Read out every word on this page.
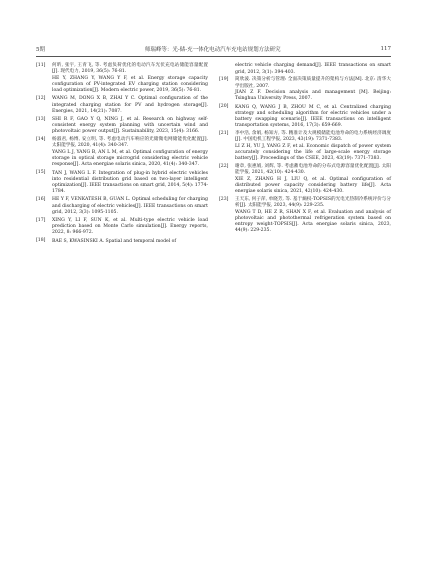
5期	师瑞峰等：光-储-充一体化电动汽车充电站规划方法研究	117
[11]	何昕, 张宇, 王青飞, 等. 考虑负荷优化的电动汽车光伏充电站储能容量配置[J]. 现代电力, 2019, 36(5): 76-81.
HE Y, ZHANG Y, WANG Y F, et al. Energy storage capacity configuration of PV-integrated EV charging station considering load optimization[J]. Modern electric power, 2019, 36(5): 76-81.
[12]	WANG M, DONG X B, ZHAI Y C. Optimal configuration of the integrated charging station for PV and hydrogen storage[J]. Energies, 2021, 14(21): 7087.
[13]	SHI R F, GAO Y Q, NING J, et al. Research on highway self-consistent energy system planning with uncertain wind and photovoltaic power output[J]. Sustainability, 2023, 15(4): 3166.
[14]	杨淑君, 杨博, 安立明, 等. 考虑电动汽车响应的光储微电网储能优化配置[J]. 太阳能学报, 2020, 41(4): 340-347.
YANG L J, YANG B, AN L M, et al. Optimal configuration of energy storage in optical storage microgrid considering electric vehicle response[J]. Acta energiae solaris sinica, 2020, 41(4): 340-347.
[15]	TAN J, WANG L F. Integration of plug-in hybrid electric vehicles into residential distribution grid based on two-layer intelligent optimization[J]. IEEE transactions on smart grid, 2014, 5(4): 1774-1784.
[16]	HE Y F, VENKATESH B, GUAN L. Optimal scheduling for charging and discharging of electric vehicles[J]. IEEE transactions on smart grid, 2012, 3(3): 1095-1105.
[17]	XING Y, LI F, SUN K, et al. Multi-type electric vehicle load prediction based on Monte Carlo simulation[J]. Energy reports, 2022, 8: 966-972.
[18]	BAE S, KWASINSKI A. Spatial and temporal model of
electric vehicle charging demand[J]. IEEE transactions on smart grid, 2012, 3(1): 394-403.
[19]	简欣波. 决策分析与管理: 全面决策质量提升的架构与方法[M]. 北京: 清华大学出版社, 2007.
JIAN Z F. Decision analysis and management [M]. Beijing: Tsinghua University Press, 2007.
[20]	KANG Q, WANG J B, ZHOU M C, et al. Centralized charging strategy and scheduling algorithm for electric vehicles under a battery swapping scenario[J]. IEEE transactions on intelligent transportation systems, 2016, 17(3): 659-669.
[21]	李中浩, 余娟, 杨知方, 等. 精准计及大规模储能电池寿命的电力系统经济调度[J]. 中国电机工程学报, 2023, 43(19): 7371-7383.
LI Z H, YU J, YANG Z F, et al. Economic dispatch of power system accurately considering the life of large-scale energy storage battery[J]. Proceedings of the CSEE, 2023, 43(19): 7371-7383.
[22]	谢章, 张惠娟, 刘辉, 等. 考虑蓄电池寿命的分布式电源容量优化配置[J]. 太阳能学报, 2021, 42(10): 424-430.
XIE Z, ZHANG H J, LIU Q, et al. Optimal configuration of distributed power capacity considering battery life[J]. Acta energiae solaris sinica, 2021, 42(10): 424-430.
[23]	王天东, 何子萍, 单晓芳, 等. 基于熵权-TOPSIS的光电光热制冷系统评价与分析[J]. 太阳能学报, 2023, 44(9): 229-235.
WANG T D, HE Z R, SHAN X F, et al. Evaluation and analysis of photovoltaic and photothermal refrigeration system based on entropy weight-TOPSIS[J]. Acta energiae solaris sinica, 2023, 44(9): 229-235.
